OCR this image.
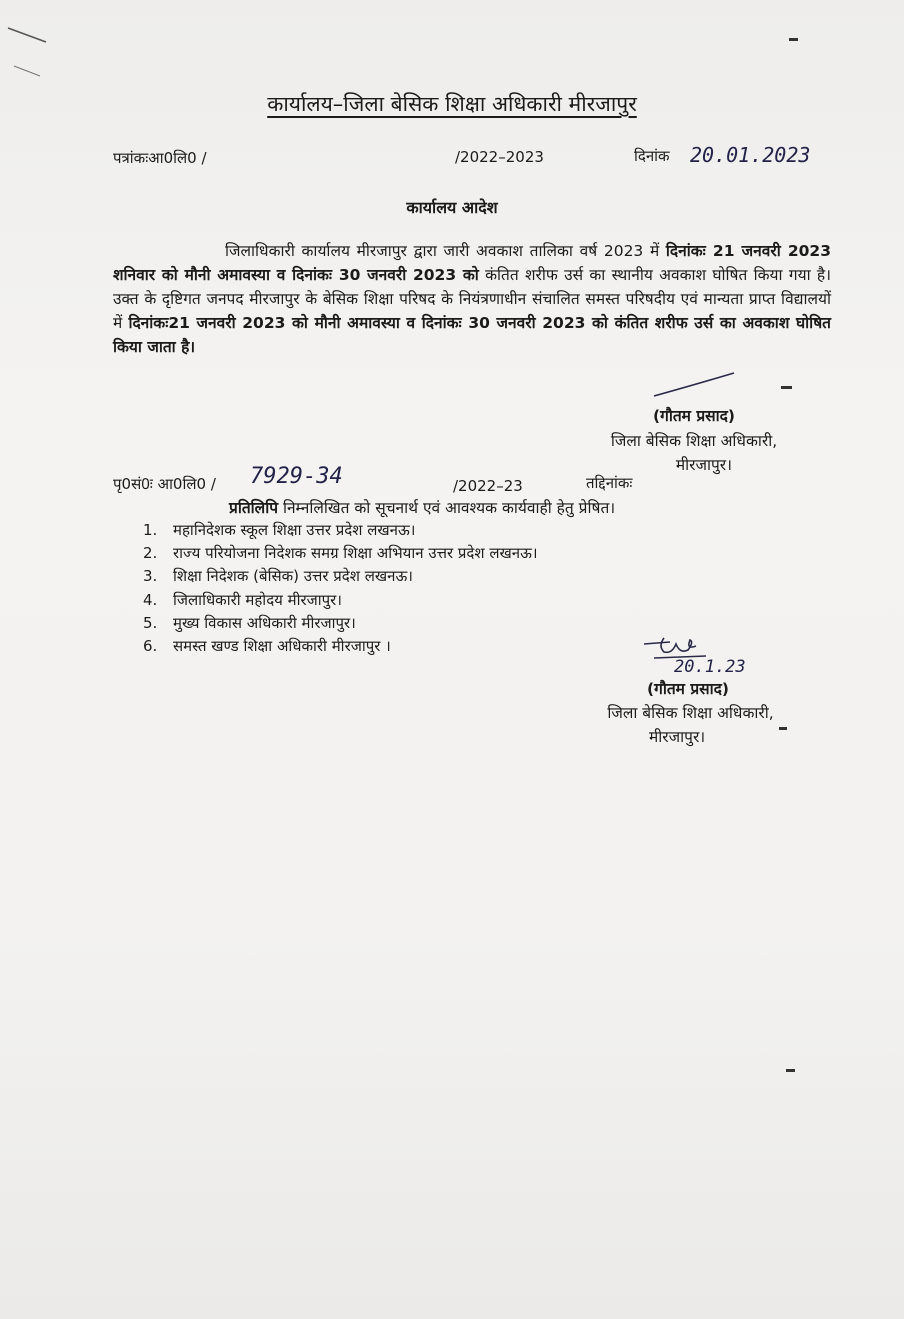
कार्यालय–जिला बेसिक शिक्षा अधिकारी मीरजापुर
पत्रांकःआ0लि0 /	/2022–2023	दिनांक 20.01.2023
कार्यालय आदेश
जिलाधिकारी कार्यालय मीरजापुर द्वारा जारी अवकाश तालिका वर्ष 2023 में दिनांकः 21 जनवरी 2023 शनिवार को मौनी अमावस्या व दिनांकः 30 जनवरी 2023 को कंतित शरीफ उर्स का स्थानीय अवकाश घोषित किया गया है। उक्त के दृष्टिगत जनपद मीरजापुर के बेसिक शिक्षा परिषद के नियंत्रणाधीन संचालित समस्त परिषदीय एवं मान्यता प्राप्त विद्यालयों में दिनांकः21 जनवरी 2023 को मौनी अमावस्या व दिनांकः 30 जनवरी 2023 को कंतित शरीफ उर्स का अवकाश घोषित किया जाता है।
(गौतम प्रसाद)
जिला बेसिक शिक्षा अधिकारी,
मीरजापुर।
पृ0सं0ः आ0लि0 / 7929-34	/2022–23	तद्दिनांकः
प्रतिलिपि निम्नलिखित को सूचनार्थ एवं आवश्यक कार्यवाही हेतु प्रेषित।
1. महानिदेशक स्कूल शिक्षा उत्तर प्रदेश लखनऊ।
2. राज्य परियोजना निदेशक समग्र शिक्षा अभियान उत्तर प्रदेश लखनऊ।
3. शिक्षा निदेशक (बेसिक) उत्तर प्रदेश लखनऊ।
4. जिलाधिकारी महोदय मीरजापुर।
5. मुख्य विकास अधिकारी मीरजापुर।
6. समस्त खण्ड शिक्षा अधिकारी मीरजापुर ।
20.1.23
(गौतम प्रसाद)
जिला बेसिक शिक्षा अधिकारी,
मीरजापुर।
